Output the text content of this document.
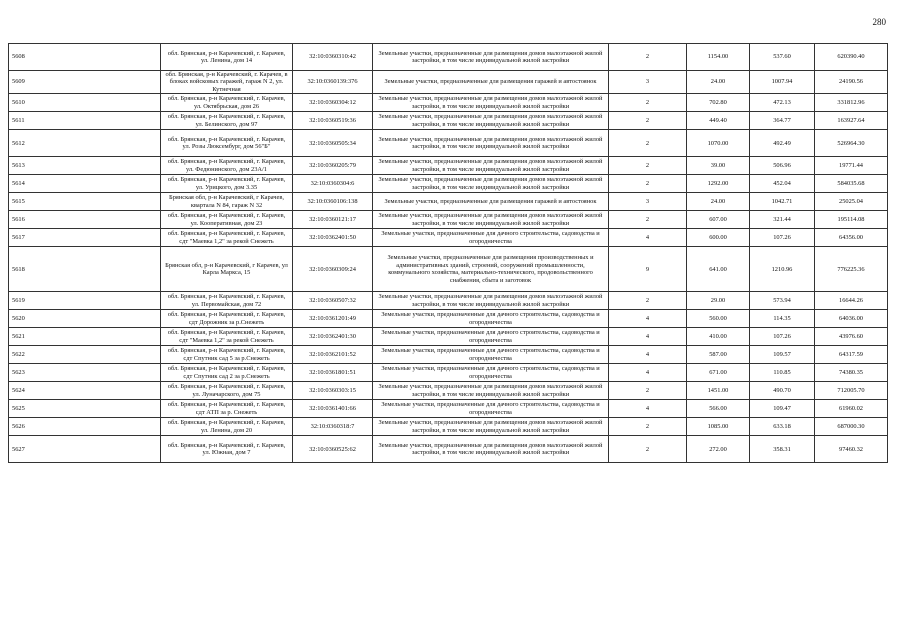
280
5608	обл. Брянская, р-н Карачевский, г. Карачев, ул. Ленина, дом 14	32:10:0360310:42	Земельные участки, предназначенные для размещения домов малоэтажной жилой застройки, в том числе индивидуальной жилой застройки	2	1154.00	537.60	620390.40
5609	обл. Брянская, р-н Карачевский, г. Карачев, в блоках войсковых гаражей, гараж N 2, ул. Кутнечная	32:10:0360139:376	Земельные участки, предназначенные для размещения гаражей и автостоянок	3	24.00	1007.94	24190.56
5610	обл. Брянская, р-н Карачевский, г. Карачев, ул. Октябрьская, дом 26	32:10:0360304:12	Земельные участки, предназначенные для размещения домов малоэтажной жилой застройки, в том числе индивидуальной жилой застройки	2	702.80	472.13	331812.96
5611	обл. Брянская, р-н Карачевский, г. Карачев, ул. Белинского, дом 97	32:10:0360519:36	Земельные участки, предназначенные для размещения домов малоэтажной жилой застройки, в том числе индивидуальной жилой застройки	2	449.40	364.77	163927.64
5612	обл. Брянская, р-н Карачевский, г. Карачев, ул. Розы Люксембург, дом 56"Б"	32:10:0360505:34	Земельные участки, предназначенные для размещения домов малоэтажной жилой застройки, в том числе индивидуальной жилой застройки	2	1070.00	492.49	526964.30
5613	обл. Брянская, р-н Карачевский, г. Карачев, ул. Федюнинского, дом 23А/1	32:10:0360205:79	Земельные участки, предназначенные для размещения домов малоэтажной жилой застройки, в том числе индивидуальной жилой застройки	2	39.00	506.96	19771.44
5614	обл. Брянская, р-н Карачевский, г. Карачев, ул. Урицкого, дом 3.35	32:10:0360304:6	Земельные участки, предназначенные для размещения домов малоэтажной жилой застройки, в том числе индивидуальной жилой застройки	2	1292.00	452.04	584035.68
5615	Брянская обл, р-н Карачевский, г Карачев, квартала N 84, гараж N 32	32:10:0360106:138	Земельные участки, предназначенные для размещения гаражей и автостоянок	3	24.00	1042.71	25025.04
5616	обл. Брянская, р-н Карачевский, г. Карачев, ул. Кооперативная, дом 23	32:10:0360121:17	Земельные участки, предназначенные для размещения домов малоэтажной жилой застройки, в том числе индивидуальной жилой застройки	2	607.00	321.44	195114.08
5617	обл. Брянская, р-н Карачевский, г. Карачев, сдт "Маевка 1,2" за рекой Снежеть	32:10:0362401:50	Земельные участки, предназначенные для дачного строительства, садоводства и огородничества	4	600.00	107.26	64356.00
5618	Брянская обл, р-н Карачевский, г Карачев, ул Карла Маркса, 15	32:10:0360309:24	Земельные участки, предназначенные для размещения производственных и административных зданий, строений, сооружений промышленности, коммунального хозяйства, материально-технического, продовольственного снабжения, сбыта и заготовок	9	641.00	1210.96	776225.36
5619	обл. Брянская, р-н Карачевский, г. Карачев, ул. Первомайская, дом 72	32:10:0360507:32	Земельные участки, предназначенные для размещения домов малоэтажной жилой застройки, в том числе индивидуальной жилой застройки	2	29.00	573.94	16644.26
5620	обл. Брянская, р-н Карачевский, г. Карачев, сдт Дорожник за р.Снежеть	32:10:0361201:49	Земельные участки, предназначенные для дачного строительства, садоводства и огородничества	4	560.00	114.35	64036.00
5621	обл. Брянская, р-н Карачевский, г. Карачев, сдт "Маевка 1,2" за рекой Снежеть	32:10:0362401:30	Земельные участки, предназначенные для дачного строительства, садоводства и огородничества	4	410.00	107.26	43976.60
5622	обл. Брянская, р-н Карачевский, г. Карачев, сдт Спутник сад 5 за р.Снежеть	32:10:0362101:52	Земельные участки, предназначенные для дачного строительства, садоводства и огородничества	4	587.00	109.57	64317.59
5623	обл. Брянская, р-н Карачевский, г. Карачев, сдт Спутник сад 2 за р.Снежеть	32:10:0361801:51	Земельные участки, предназначенные для дачного строительства, садоводства и огородничества	4	671.00	110.85	74380.35
5624	обл. Брянская, р-н Карачевский, г. Карачев, ул. Луначарского, дом 75	32:10:0360303:15	Земельные участки, предназначенные для размещения домов малоэтажной жилой застройки, в том числе индивидуальной жилой застройки	2	1451.00	490.70	712005.70
5625	обл. Брянская, р-н Карачевский, г. Карачев, сдт АТП за р. Снежеть	32:10:0361401:66	Земельные участки, предназначенные для дачного строительства, садоводства и огородничества	4	566.00	109.47	61960.02
5626	обл. Брянская, р-н Карачевский, г. Карачев, ул. Ленина, дом 20	32:10:0360318:7	Земельные участки, предназначенные для размещения домов малоэтажной жилой застройки, в том числе индивидуальной жилой застройки	2	1085.00	633.18	687000.30
5627	обл. Брянская, р-н Карачевский, г. Карачев, ул. Южная, дом 7	32:10:0360525:62	Земельные участки, предназначенные для размещения домов малоэтажной жилой застройки, в том числе индивидуальной жилой застройки	2	272.00	358.31	97460.32
